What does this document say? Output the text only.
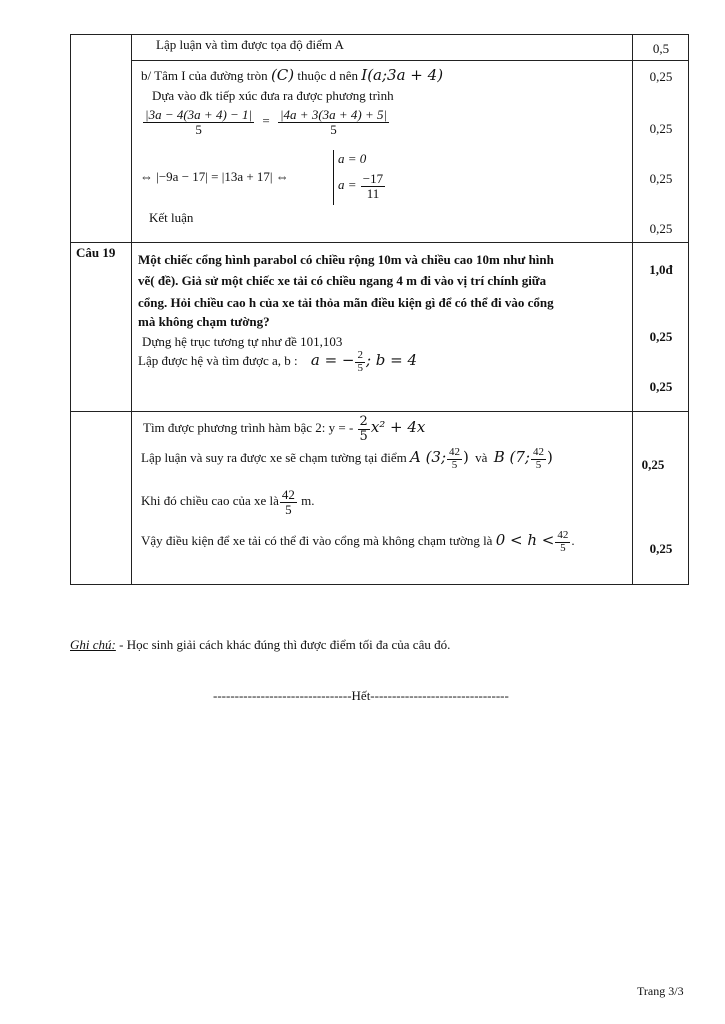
Lập luận và tìm được tọa độ điểm A	0,5
b/ Tâm I của đường tròn (C) thuộc d nên I(a;3a + 4)
Dựa vào đk tiếp xúc đưa ra được phương trình
$\frac{|3a - 4(3a + 4) - 1|}{5} = \frac{|4a + 3(3a + 4) + 5|}{5}$
⇔ |−9a − 17| = |13a + 17| ⇔
a = 0
$a = \frac{-17}{11}$
Kết luận
0,25
0,25
0,25
0,25
Câu 19 Một chiếc cổng hình parabol có chiều rộng 10m và chiều cao 10m như hình
vẽ( đề). Giả sử một chiếc xe tải có chiều ngang 4 m đi vào vị trí chính giữa
cổng. Hỏi chiều cao h của xe tải thỏa mãn điều kiện gì để có thể đi vào cổng
mà không chạm tường?
Dựng hệ trục tương tự như đề 101,103
Lập được hệ và tìm được a, b : a = − $\frac{2}{5}$ ; b = 4
1,0đ
0,25
0,25
Tìm được phương trình hàm bậc 2: y = - $\frac{2}{5} x^2 + 4x$
Lập luận và suy ra được xe sẽ chạm tường tại điểm A (3; $\frac{42}{5}$ ) và B (7; $\frac{42}{5}$ )
Khi đó chiều cao của xe là $\frac{42}{5} m$.
Vậy điều kiện để xe tải có thể đi vào cổng mà không chạm tường là $0 < h < \frac{42}{5}$ .
0,25
0,25
Ghi chú: - Học sinh giải cách khác đúng thì được điểm tối đa của câu đó.
--------------------------------Hết--------------------------------
Trang 3/3
